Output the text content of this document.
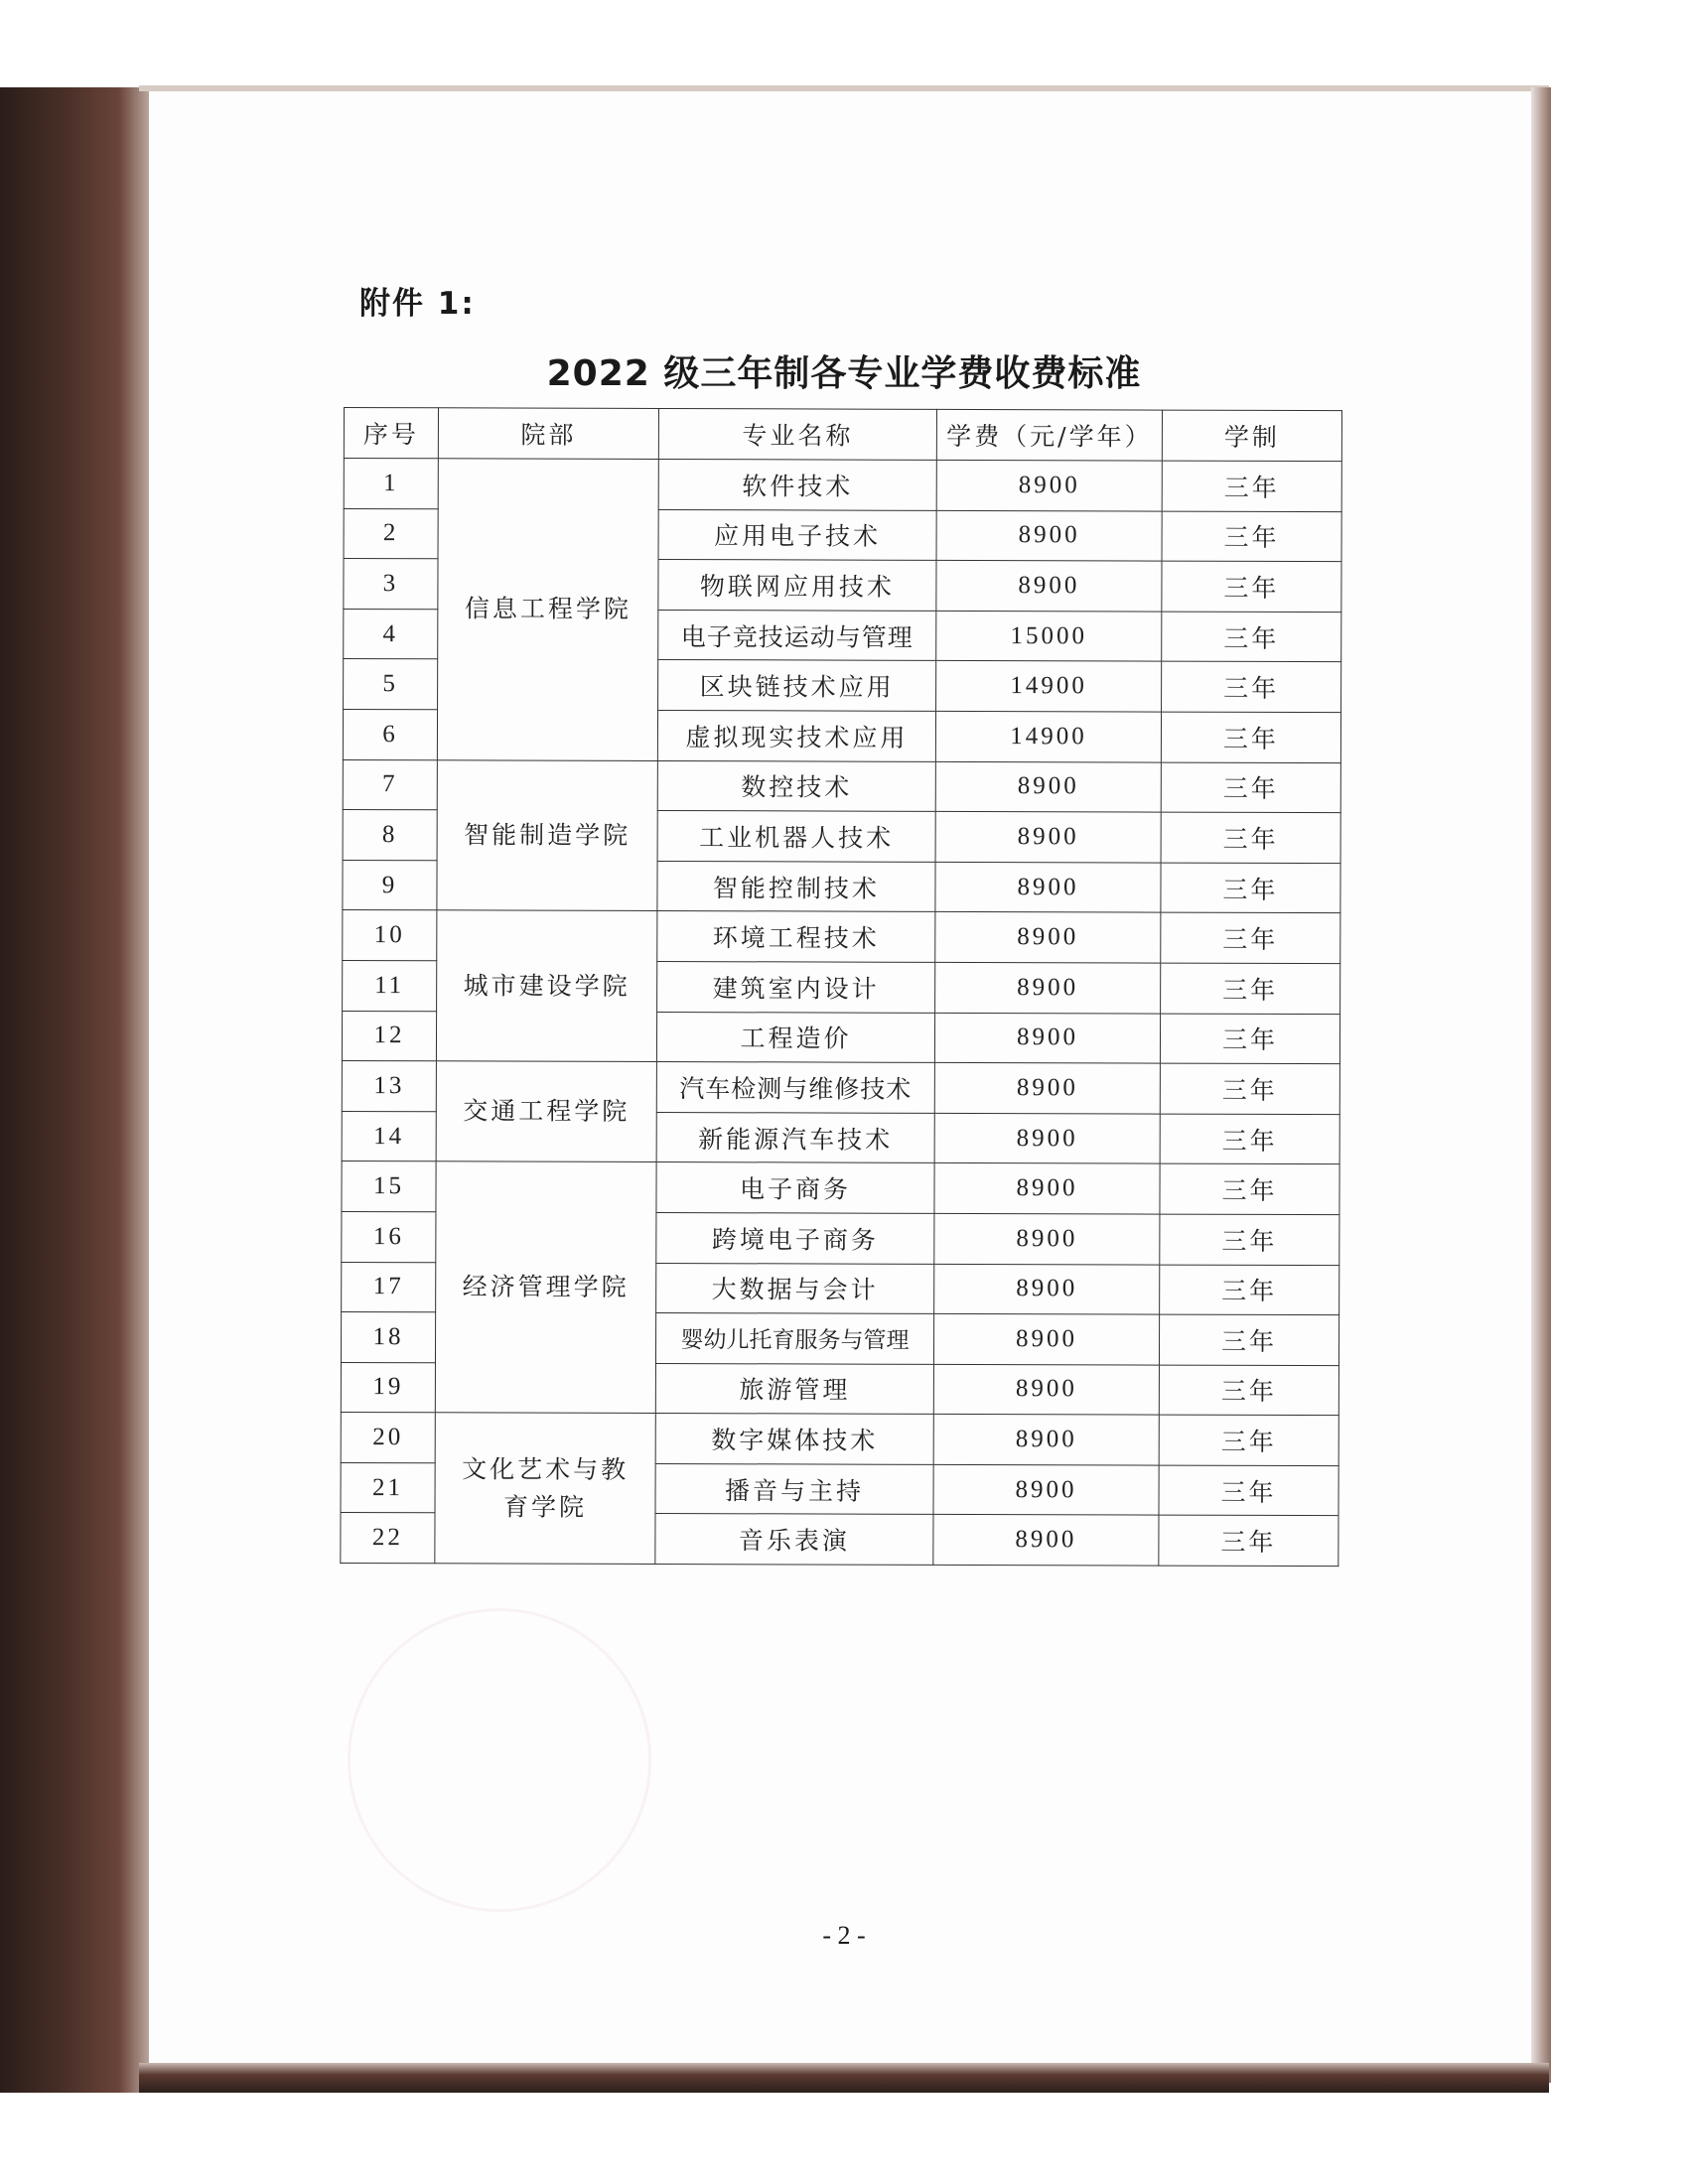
附件 1:
2022 级三年制各专业学费收费标准
序号	院部	专业名称	学费（元/学年）	学制
1	信息工程学院	软件技术	8900	三年
2		应用电子技术	8900	三年
3		物联网应用技术	8900	三年
4		电子竞技运动与管理	15000	三年
5		区块链技术应用	14900	三年
6		虚拟现实技术应用	14900	三年
7	智能制造学院	数控技术	8900	三年
8		工业机器人技术	8900	三年
9		智能控制技术	8900	三年
10	城市建设学院	环境工程技术	8900	三年
11		建筑室内设计	8900	三年
12		工程造价	8900	三年
13	交通工程学院	汽车检测与维修技术	8900	三年
14		新能源汽车技术	8900	三年
15	经济管理学院	电子商务	8900	三年
16		跨境电子商务	8900	三年
17		大数据与会计	8900	三年
18		婴幼儿托育服务与管理	8900	三年
19		旅游管理	8900	三年
20	文化艺术与教育学院	数字媒体技术	8900	三年
21		播音与主持	8900	三年
22		音乐表演	8900	三年
- 2 -
